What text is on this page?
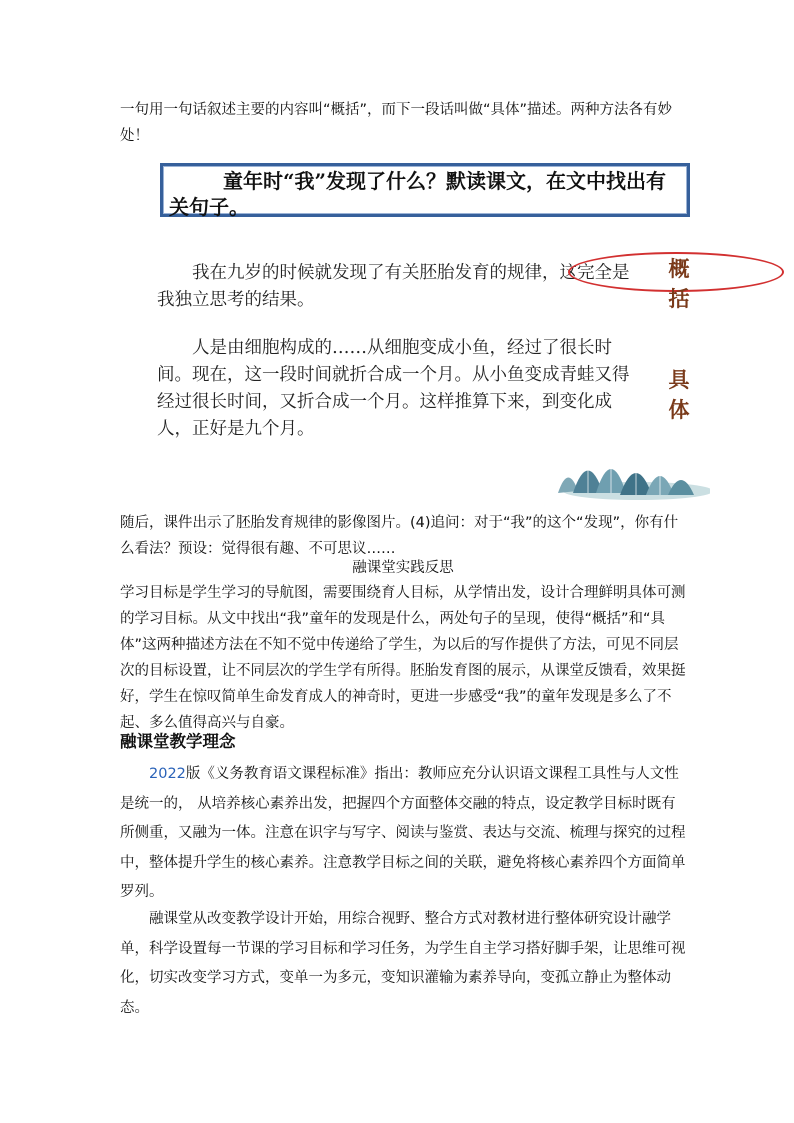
一句用一句话叙述主要的内容叫“概括”，而下一段话叫做“具体”描述。两种方法各有妙处！

童年时“我”发现了什么？默读课文，在文中找出有关句子。

我在九岁的时候就发现了有关胚胎发育的规律，这完全是我独立思考的结果。

人是由细胞构成的……从细胞变成小鱼，经过了很长时间。现在，这一段时间就折合成一个月。从小鱼变成青蛙又得经过很长时间，又折合成一个月。这样推算下来，到变化成人，正好是九个月。

概
括
具
体

随后，课件出示了胚胎发育规律的影像图片。(4)追问：对于“我”的这个“发现”，你有什么看法？预设：觉得很有趣、不可思议……

融课堂实践反思

学习目标是学生学习的导航图，需要围绕育人目标，从学情出发，设计合理鲜明具体可测的学习目标。从文中找出“我”童年的发现是什么，两处句子的呈现，使得“概括”和“具体”这两种描述方法在不知不觉中传递给了学生，为以后的写作提供了方法，可见不同层次的目标设置，让不同层次的学生学有所得。胚胎发育图的展示，从课堂反馈看，效果挺好，学生在惊叹简单生命发育成人的神奇时，更进一步感受“我”的童年发现是多么了不起、多么值得高兴与自豪。

融课堂教学理念

2022版《义务教育语文课程标准》指出：教师应充分认识语文课程工具性与人文性是统一的， 从培养核心素养出发，把握四个方面整体交融的特点，设定教学目标时既有所侧重，又融为一体。注意在识字与写字、阅读与鉴赏、表达与交流、梳理与探究的过程中，整体提升学生的核心素养。注意教学目标之间的关联，避免将核心素养四个方面简单罗列。

融课堂从改变教学设计开始，用综合视野、整合方式对教材进行整体研究设计融学单，科学设置每一节课的学习目标和学习任务，为学生自主学习搭好脚手架，让思维可视化，切实改变学习方式，变单一为多元，变知识灌输为素养导向，变孤立静止为整体动态。
